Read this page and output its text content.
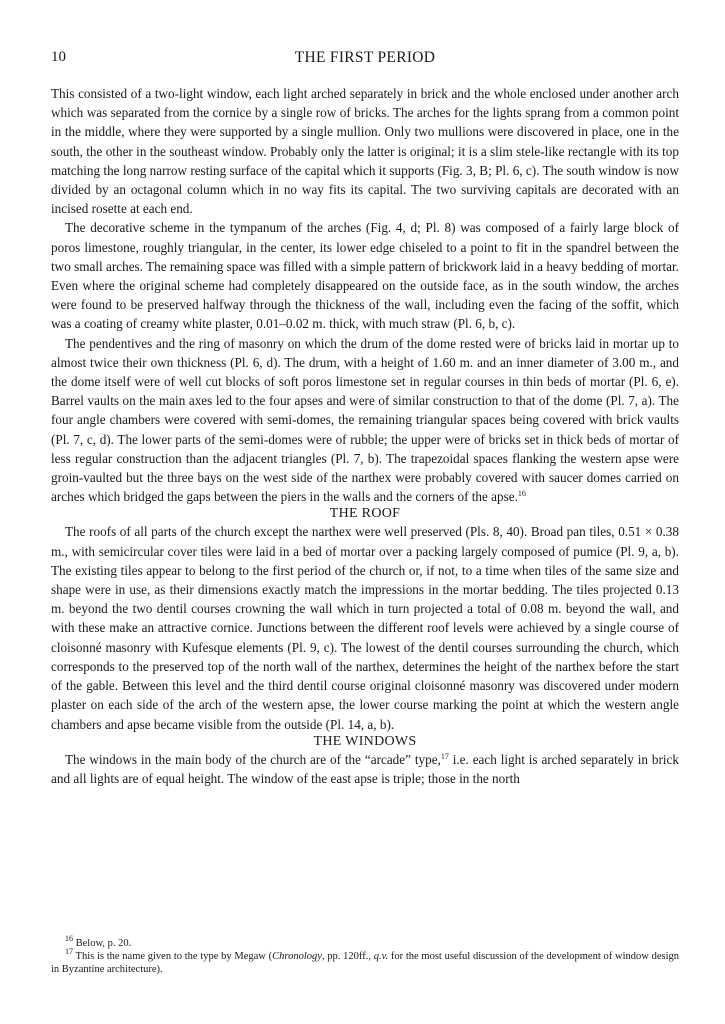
10	THE FIRST PERIOD

This consisted of a two-light window, each light arched separately in brick and the whole enclosed under another arch which was separated from the cornice by a single row of bricks. The arches for the lights sprang from a common point in the middle, where they were supported by a single mullion. Only two mullions were discovered in place, one in the south, the other in the southeast window. Probably only the latter is original; it is a slim stele-like rectangle with its top matching the long narrow resting surface of the capital which it supports (Fig. 3, B; Pl. 6, c). The south window is now divided by an octagonal column which in no way fits its capital. The two surviving capitals are decorated with an incised rosette at each end.

The decorative scheme in the tympanum of the arches (Fig. 4, d; Pl. 8) was composed of a fairly large block of poros limestone, roughly triangular, in the center, its lower edge chiseled to a point to fit in the spandrel between the two small arches. The remaining space was filled with a simple pattern of brickwork laid in a heavy bedding of mortar. Even where the original scheme had completely disappeared on the outside face, as in the south window, the arches were found to be preserved halfway through the thickness of the wall, including even the facing of the soffit, which was a coating of creamy white plaster, 0.01–0.02 m. thick, with much straw (Pl. 6, b, c).

The pendentives and the ring of masonry on which the drum of the dome rested were of bricks laid in mortar up to almost twice their own thickness (Pl. 6, d). The drum, with a height of 1.60 m. and an inner diameter of 3.00 m., and the dome itself were of well cut blocks of soft poros limestone set in regular courses in thin beds of mortar (Pl. 6, e). Barrel vaults on the main axes led to the four apses and were of similar construction to that of the dome (Pl. 7, a). The four angle chambers were covered with semi-domes, the remaining triangular spaces being covered with brick vaults (Pl. 7, c, d). The lower parts of the semi-domes were of rubble; the upper were of bricks set in thick beds of mortar of less regular construction than the adjacent triangles (Pl. 7, b). The trapezoidal spaces flanking the western apse were groin-vaulted but the three bays on the west side of the narthex were probably covered with saucer domes carried on arches which bridged the gaps between the piers in the walls and the corners of the apse.$^{16}$

THE ROOF

The roofs of all parts of the church except the narthex were well preserved (Pls. 8, 40). Broad pan tiles, 0.51 × 0.38 m., with semicircular cover tiles were laid in a bed of mortar over a packing largely composed of pumice (Pl. 9, a, b). The existing tiles appear to belong to the first period of the church or, if not, to a time when tiles of the same size and shape were in use, as their dimensions exactly match the impressions in the mortar bedding. The tiles projected 0.13 m. beyond the two dentil courses crowning the wall which in turn projected a total of 0.08 m. beyond the wall, and with these make an attractive cornice. Junctions between the different roof levels were achieved by a single course of cloisonné masonry with Kufesque elements (Pl. 9, c). The lowest of the dentil courses surrounding the church, which corresponds to the preserved top of the north wall of the narthex, determines the height of the narthex before the start of the gable. Between this level and the third dentil course original cloisonné masonry was discovered under modern plaster on each side of the arch of the western apse, the lower course marking the point at which the western angle chambers and apse became visible from the outside (Pl. 14, a, b).

THE WINDOWS

The windows in the main body of the church are of the “arcade” type,$^{17}$ i.e. each light is arched separately in brick and all lights are of equal height. The window of the east apse is triple; those in the north

$^{16}$ Below, p. 20.

$^{17}$ This is the name given to the type by Megaw (Chronology, pp. 120ff., q.v. for the most useful discussion of the development of window design in Byzantine architecture).
